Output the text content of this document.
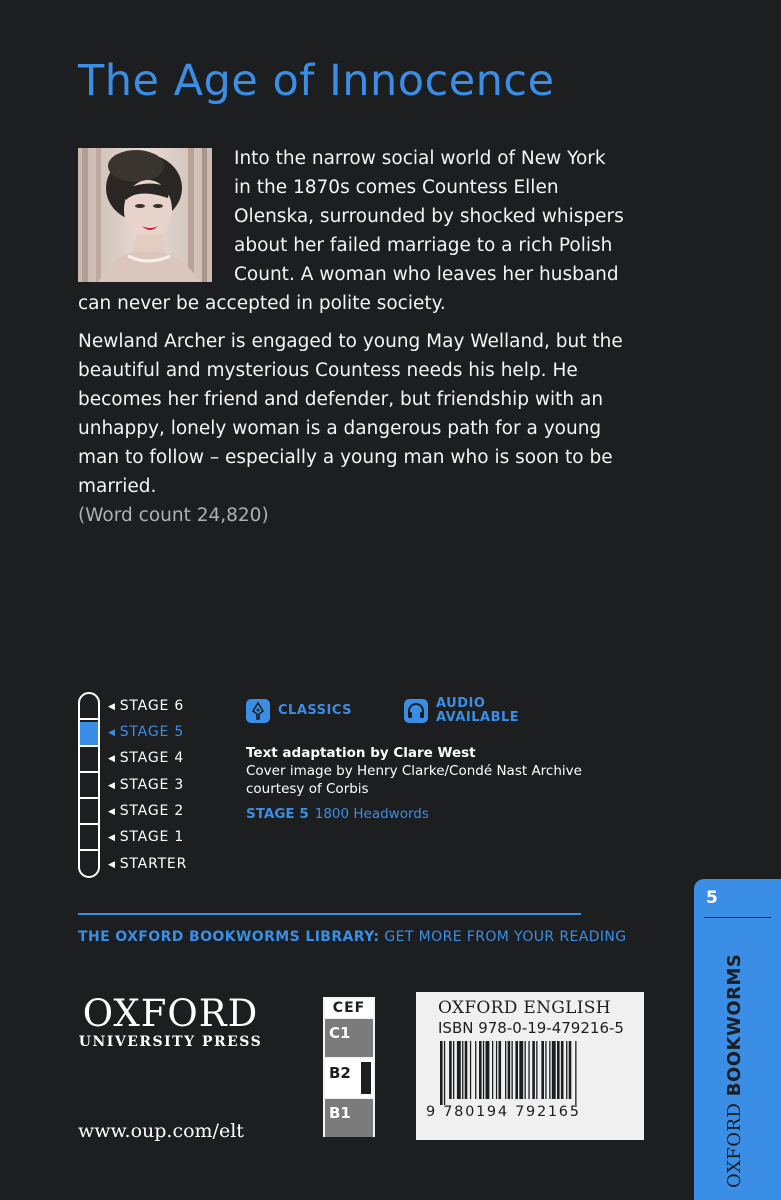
The Age of Innocence

Into the narrow social world of New York in the 1870s comes Countess Ellen Olenska, surrounded by shocked whispers about her failed marriage to a rich Polish Count. A woman who leaves her husband can never be accepted in polite society.

Newland Archer is engaged to young May Welland, but the beautiful and mysterious Countess needs his help. He becomes her friend and defender, but friendship with an unhappy, lonely woman is a dangerous path for a young man to follow – especially a young man who is soon to be married.
(Word count 24,820)

◀ STAGE 6
◀ STAGE 5
◀ STAGE 4
◀ STAGE 3
◀ STAGE 2
◀ STAGE 1
◀ STARTER
CLASSICS	AUDIO
AVAILABLE
Text adaptation by Clare West
Cover image by Henry Clarke/Condé Nast Archive
courtesy of Corbis
STAGE 5 1800 Headwords
THE OXFORD BOOKWORMS LIBRARY: GET MORE FROM YOUR READING
OXFORD
UNIVERSITY PRESS
www.oup.com/elt
CEF
C1
B2
B1
OXFORD ENGLISH
ISBN 978-0-19-479216-5
9 780194 792165
5
OXFORD BOOKWORMS
